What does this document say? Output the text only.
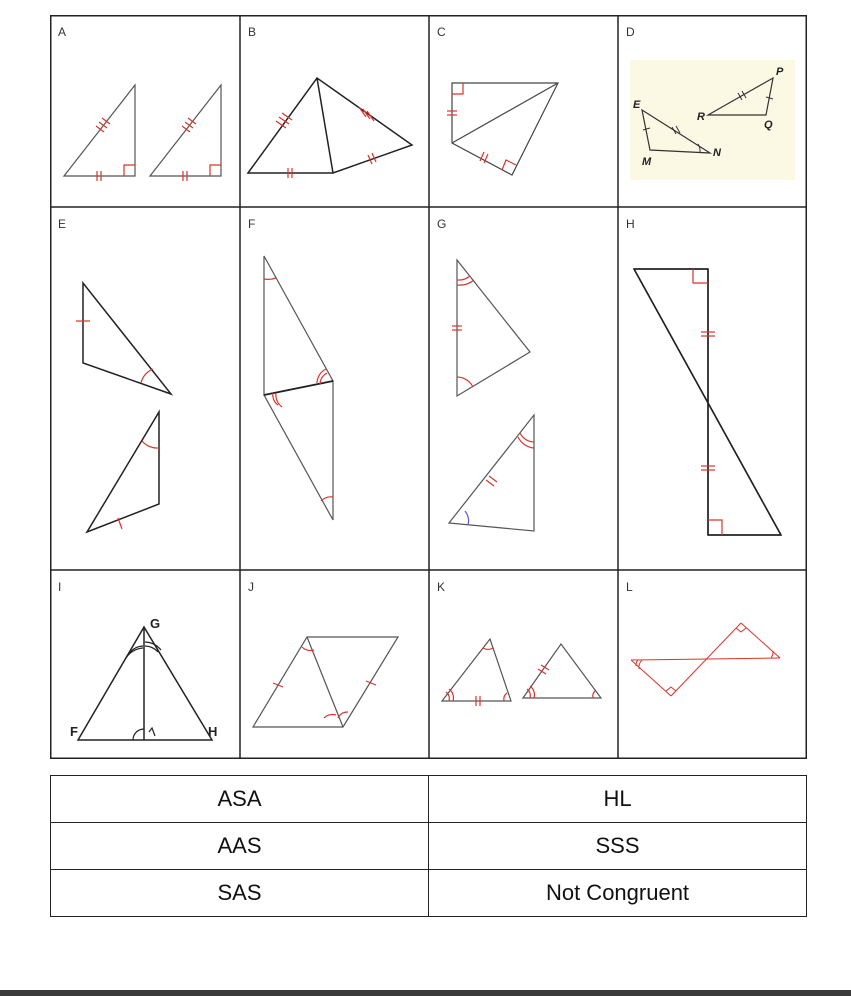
A	B	C	D
P
R
Q
E
M
N
E	F	G	H
I
G
F	H
J	K	L
ASA	HL
AAS	SSS
SAS	Not Congruent
